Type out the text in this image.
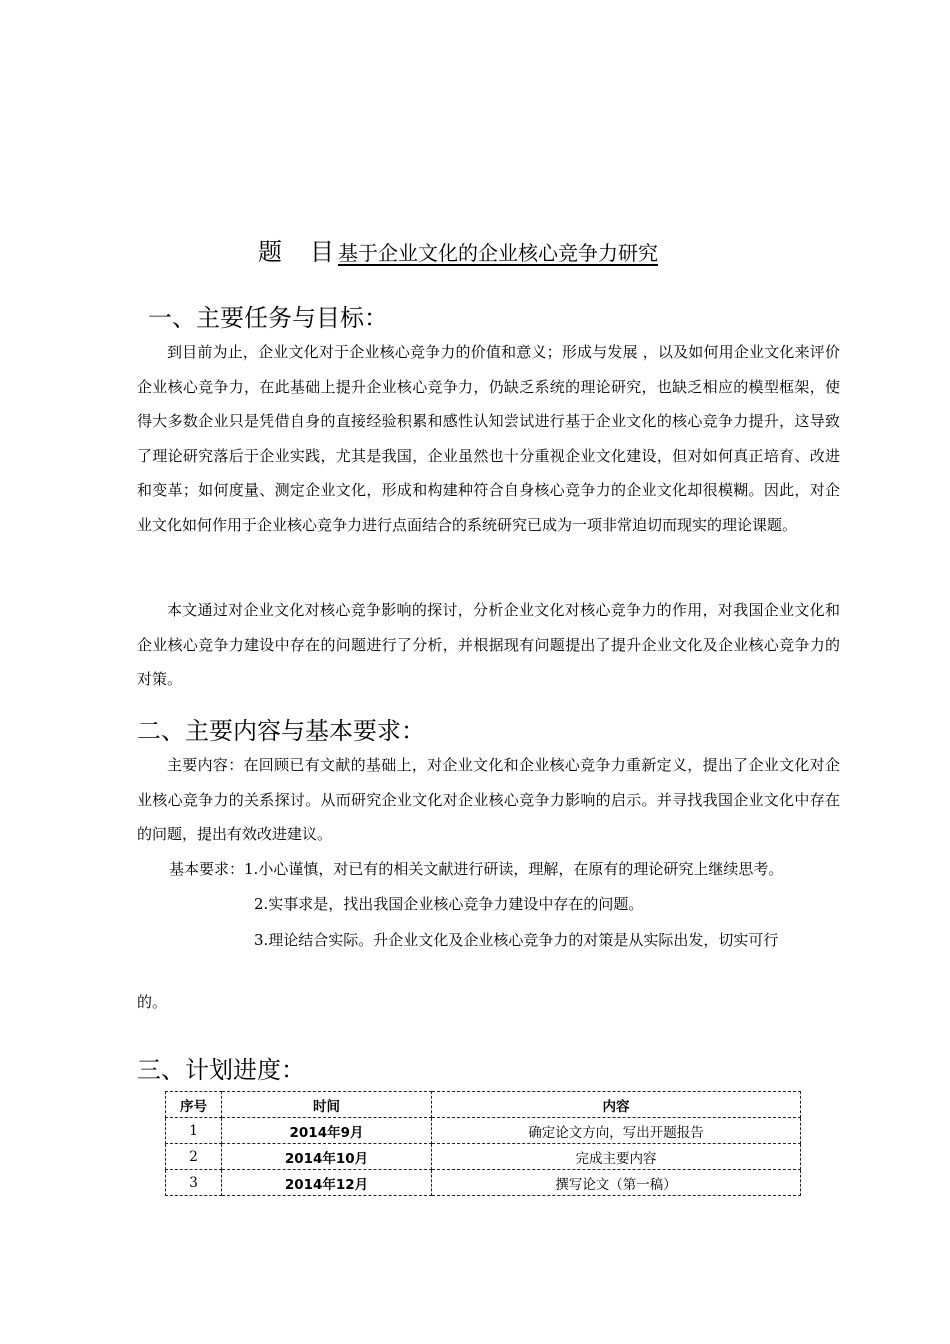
题 目 基于企业文化的企业核心竞争力研究
一、主要任务与目标：
到目前为止，企业文化对于企业核心竞争力的价值和意义；形成与发展 ，以及如何用企业文化来评价企业核心竞争力，在此基础上提升企业核心竞争力，仍缺乏系统的理论研究，也缺乏相应的模型框架，使得大多数企业只是凭借自身的直接经验积累和感性认知尝试进行基于企业文化的核心竞争力提升，这导致了理论研究落后于企业实践，尤其是我国，企业虽然也十分重视企业文化建设，但对如何真正培育、改进和变革；如何度量、测定企业文化，形成和构建种符合自身核心竞争力的企业文化却很模糊。因此，对企业文化如何作用于企业核心竞争力进行点面结合的系统研究已成为一项非常迫切而现实的理论课题。
本文通过对企业文化对核心竞争影响的探讨，分析企业文化对核心竞争力的作用，对我国企业文化和企业核心竞争力建设中存在的问题进行了分析，并根据现有问题提出了提升企业文化及企业核心竞争力的对策。
二、主要内容与基本要求：
主要内容：在回顾已有文献的基础上，对企业文化和企业核心竞争力重新定义，提出了企业文化对企业核心竞争力的关系探讨。从而研究企业文化对企业核心竞争力影响的启示。并寻找我国企业文化中存在的问题，提出有效改进建议。
基本要求：1.小心谨慎，对已有的相关文献进行研读，理解，在原有的理论研究上继续思考。
2.实事求是，找出我国企业核心竞争力建设中存在的问题。
3.理论结合实际。升企业文化及企业核心竞争力的对策是从实际出发，切实可行
的。
三、计划进度：
序号	时间	内容
1	2014年9月	确定论文方向，写出开题报告
2	2014年10月	完成主要内容
3	2014年12月	撰写论文（第一稿）
